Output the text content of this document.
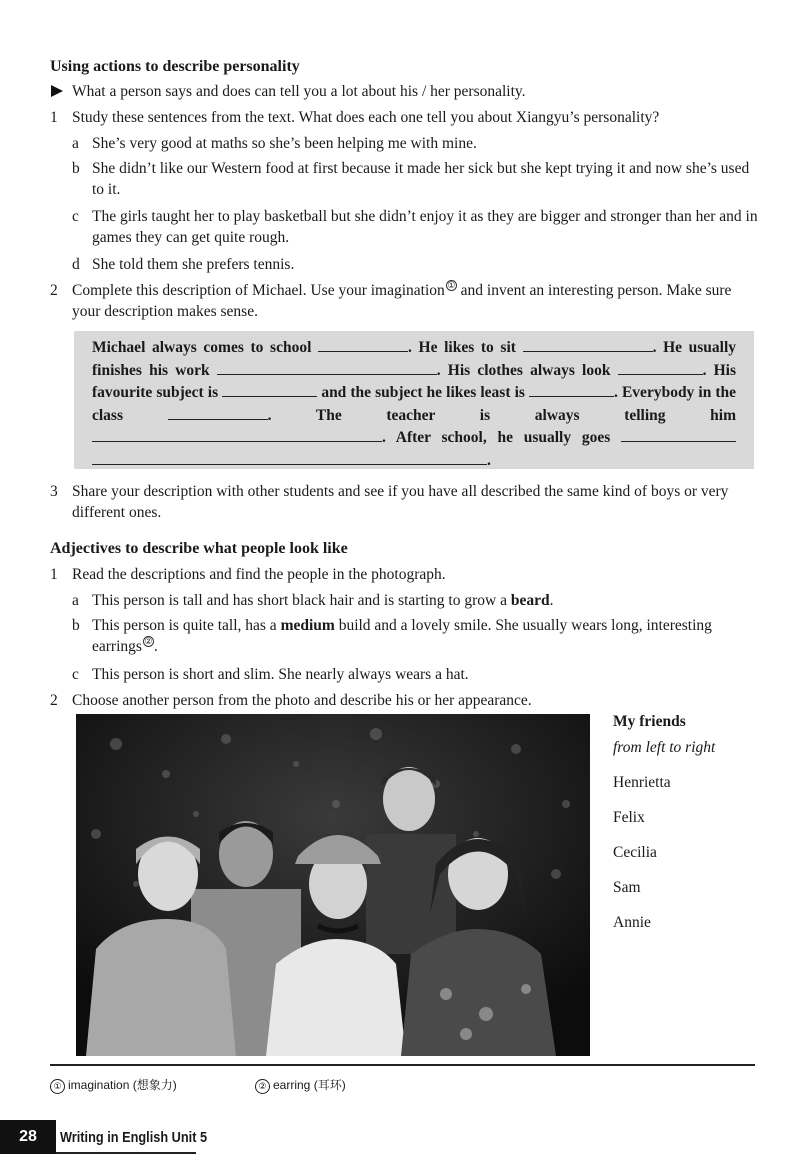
Using actions to describe personality
What a person says and does can tell you a lot about his / her personality.
1 Study these sentences from the text. What does each one tell you about Xiangyu’s personality?
a She’s very good at maths so she’s been helping me with mine.
b She didn’t like our Western food at first because it made her sick but she kept trying it and now she’s used to it.
c The girls taught her to play basketball but she didn’t enjoy it as they are bigger and stronger than her and in games they can get quite rough.
d She told them she prefers tennis.
2 Complete this description of Michael. Use your imagination ① and invent an interesting person. Make sure your description makes sense.
Michael always comes to school	. He likes to sit	. He usually finishes his work	. His clothes always look	. His favourite subject is	and the subject he likes least is	. Everybody in the class	. The teacher is always telling him . After school, he usually goes  .
3 Share your description with other students and see if you have all described the same kind of boys or very different ones.
Adjectives to describe what people look like
1 Read the descriptions and find the people in the photograph.
a This person is tall and has short black hair and is starting to grow a beard.
b This person is quite tall, has a medium build and a lovely smile. She usually wears long, interesting earrings ②.
c This person is short and slim. She nearly always wears a hat.
2 Choose another person from the photo and describe his or her appearance.
My friends
from left to right
Henrietta
Felix
Cecilia
Sam
Annie
① imagination (想象力)	② earring (耳环)
28	Writing in English Unit 5
